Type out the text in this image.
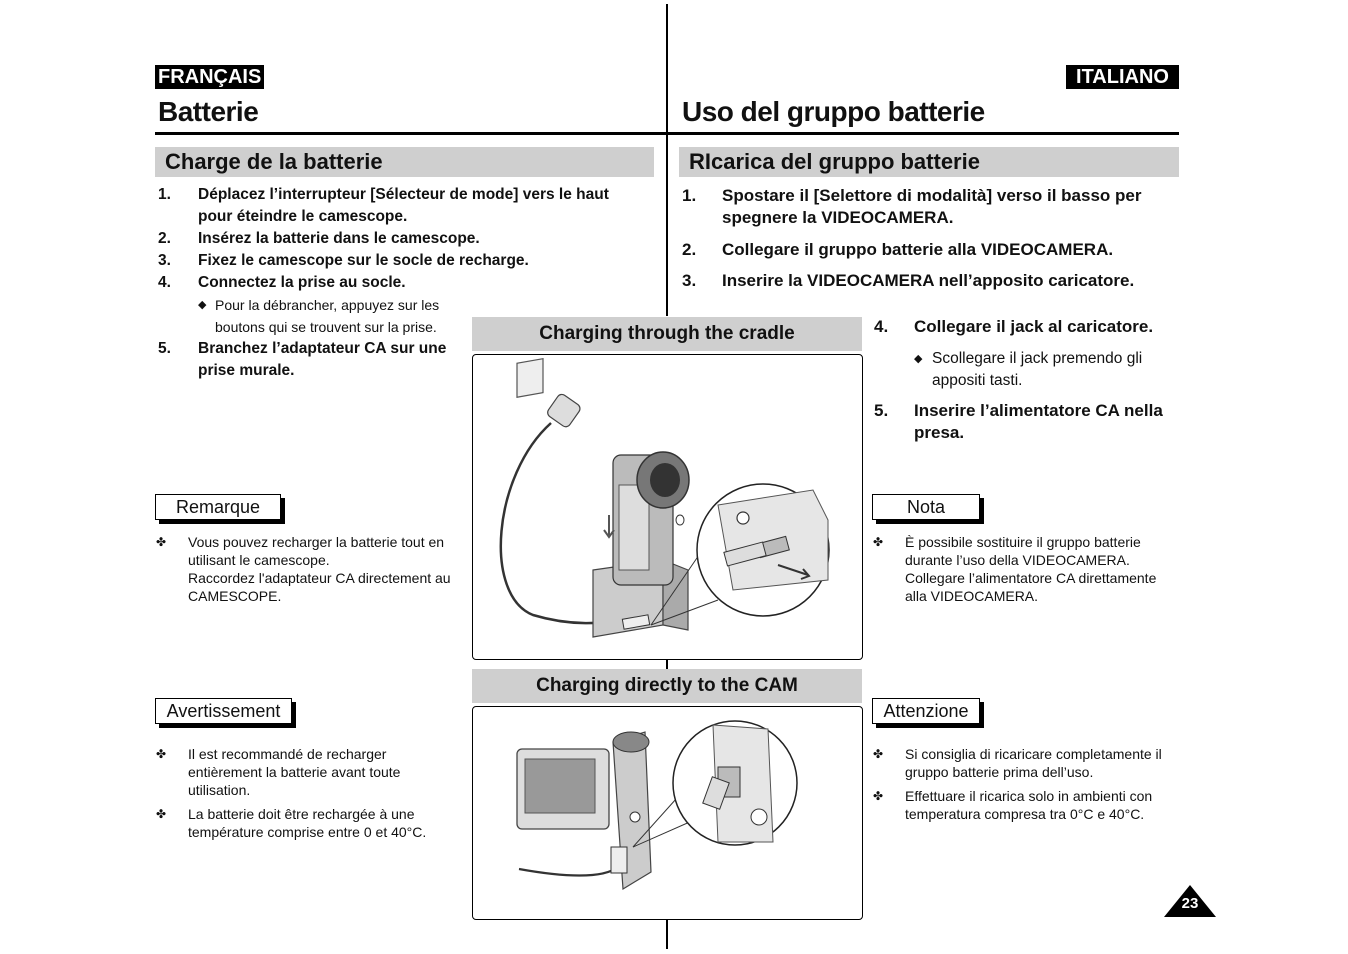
FRANÇAIS
Batterie
Charge de la batterie
1. Déplacez l’interrupteur [Sélecteur de mode] vers le haut pour éteindre le camescope.
2. Insérez la batterie dans le camescope.
3. Fixez le camescope sur le socle de recharge.
4. Connectez la prise au socle.
◆ Pour la débrancher, appuyez sur les boutons qui se trouvent sur la prise.
5. Branchez l’adaptateur CA sur une prise murale.
Remarque
✤ Vous pouvez recharger la batterie tout en utilisant le camescope.
Raccordez l'adaptateur CA directement au CAMESCOPE.
Avertissement
✤ Il est recommandé de recharger entièrement la batterie avant toute utilisation.
✤ La batterie doit être rechargée à une température comprise entre 0 et 40°C.
ITALIANO
Uso del gruppo batterie
RIcarica del gruppo batterie
1. Spostare il [Selettore di modalità] verso il basso per spegnere la VIDEOCAMERA.
2. Collegare il gruppo batterie alla VIDEOCAMERA.
3. Inserire la VIDEOCAMERA nell’apposito caricatore.
4. Collegare il jack al caricatore.
◆ Scollegare il jack premendo gli appositi tasti.
5. Inserire l’alimentatore CA nella presa.
Nota
✤ È possibile sostituire il gruppo batterie durante l’uso della VIDEOCAMERA.
Collegare l’alimentatore CA direttamente alla VIDEOCAMERA.
Attenzione
✤ Si consiglia di ricaricare completamente il gruppo batterie prima dell’uso.
✤ Effettuare il ricarica solo in ambienti con temperatura compresa tra 0°C e 40°C.
Charging through the cradle
Charging directly to the CAM
23
